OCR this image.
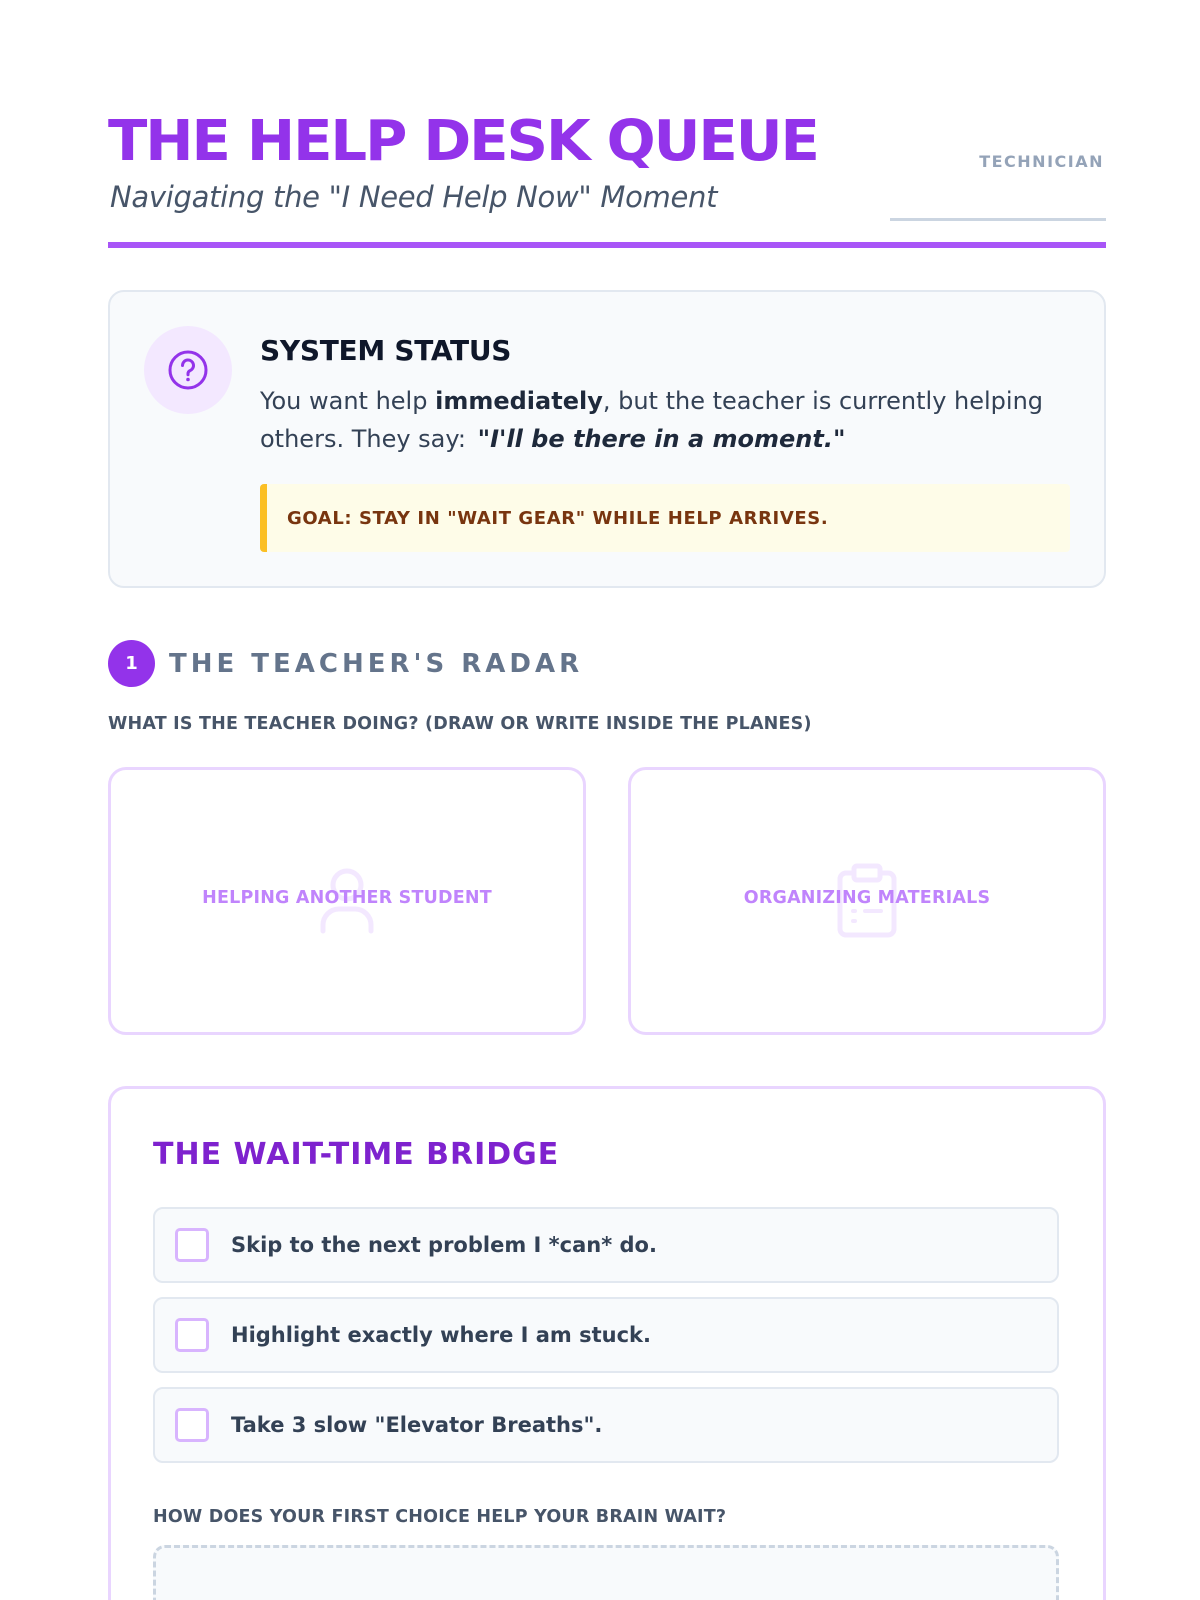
THE HELP DESK QUEUE
Navigating the "I Need Help Now" Moment
TECHNICIAN
SYSTEM STATUS
You want help immediately, but the teacher is currently helping others. They say: "I'll be there in a moment."
GOAL: STAY IN "WAIT GEAR" WHILE HELP ARRIVES.
1	THE TEACHER'S RADAR
WHAT IS THE TEACHER DOING? (DRAW OR WRITE INSIDE THE PLANES)
HELPING ANOTHER STUDENT	ORGANIZING MATERIALS
THE WAIT-TIME BRIDGE
Skip to the next problem I *can* do.
Highlight exactly where I am stuck.
Take 3 slow "Elevator Breaths".
HOW DOES YOUR FIRST CHOICE HELP YOUR BRAIN WAIT?
